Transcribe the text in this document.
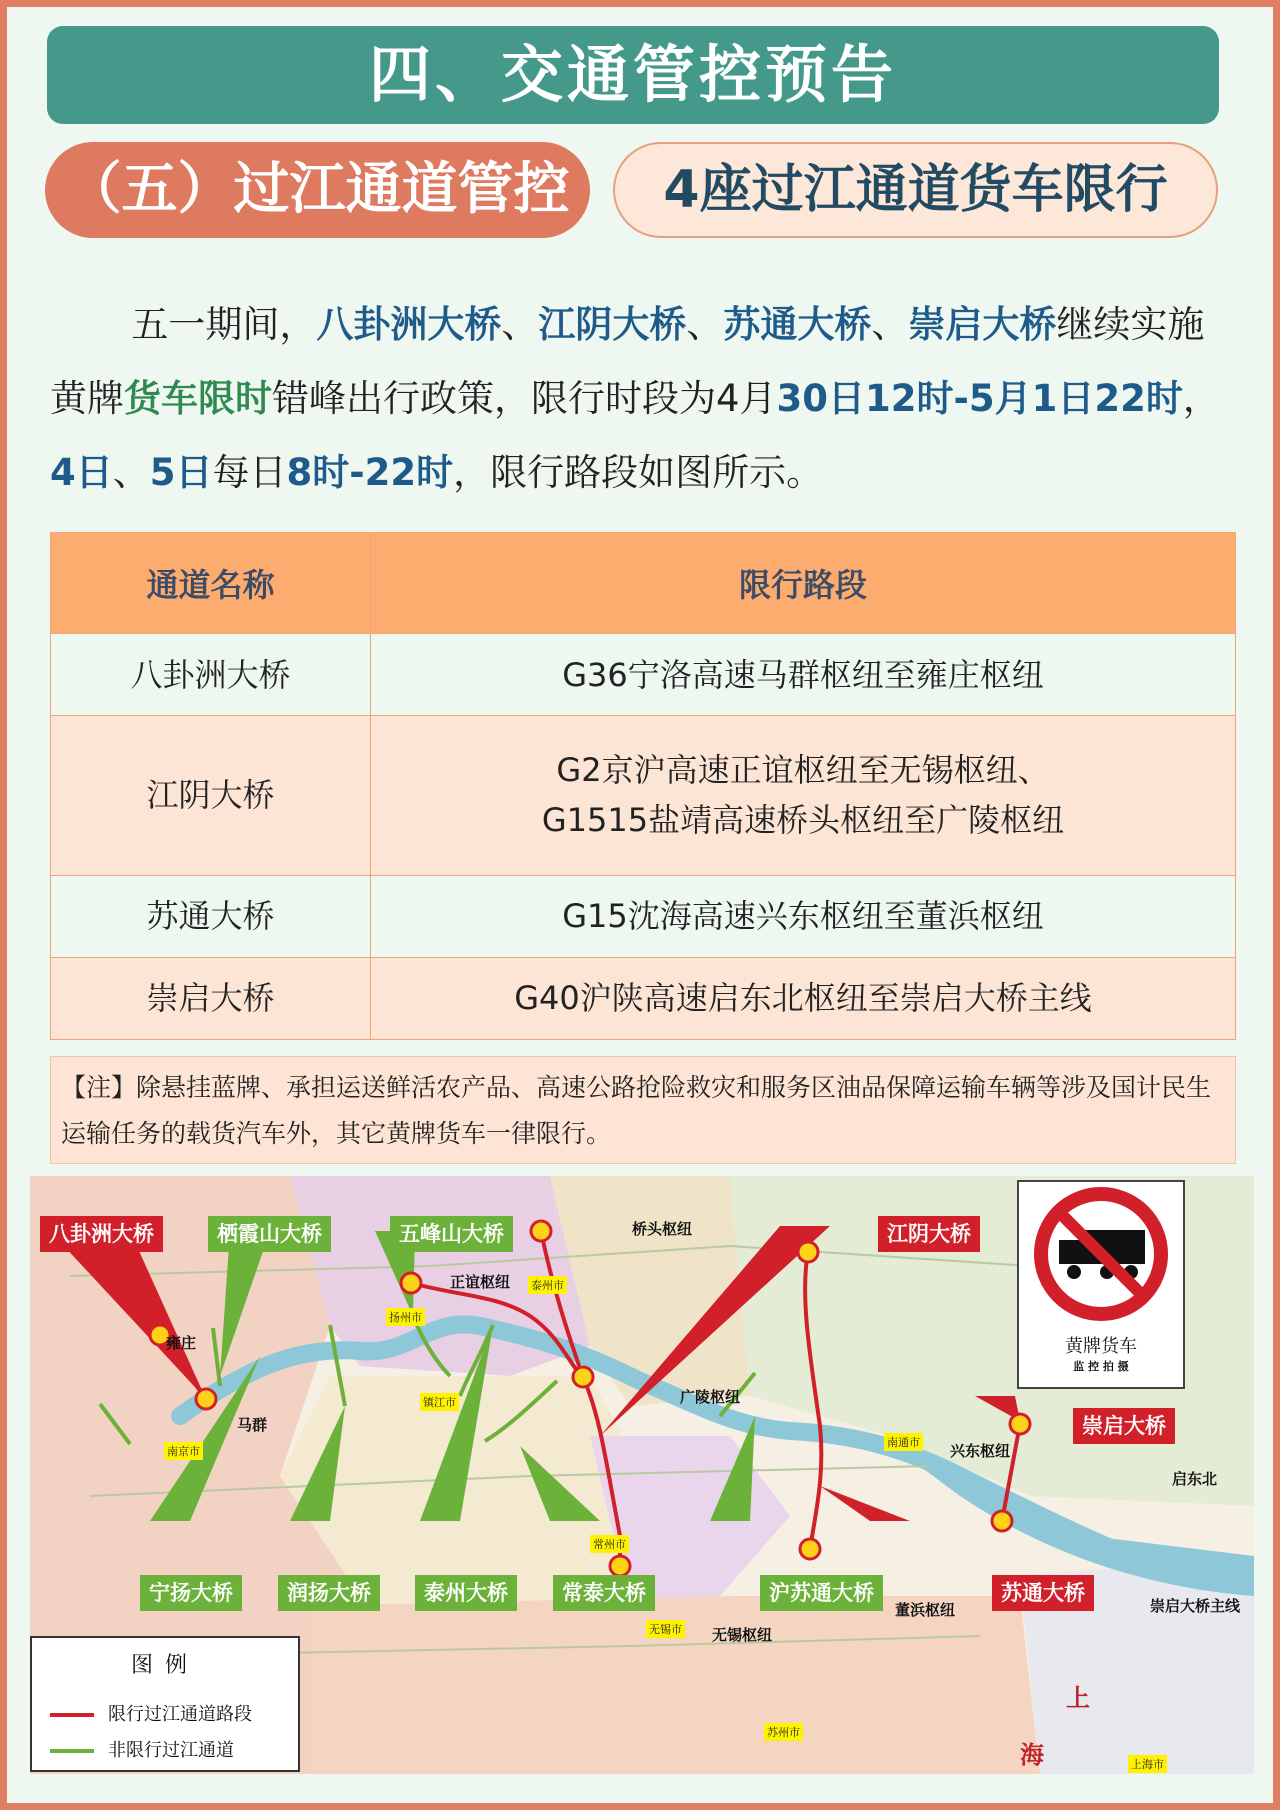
四、交通管控预告
（五）过江通道管控	4座过江通道货车限行
五一期间，八卦洲大桥、江阴大桥、苏通大桥、崇启大桥继续实施黄牌货车限时错峰出行政策，限行时段为4月30日12时-5月1日22时，4日、5日每日8时-22时，限行路段如图所示。
通道名称	限行路段
八卦洲大桥	G36宁洛高速马群枢纽至雍庄枢纽

江阴大桥	G2京沪高速正谊枢纽至无锡枢纽、
G1515盐靖高速桥头枢纽至广陵枢纽

苏通大桥	G15沈海高速兴东枢纽至董浜枢纽

崇启大桥	G40沪陕高速启东北枢纽至崇启大桥主线
【注】除悬挂蓝牌、承担运送鲜活农产品、高速公路抢险救灾和服务区油品保障运输车辆等涉及国计民生运输任务的载货汽车外，其它黄牌货车一律限行。
八卦洲大桥	栖霞山大桥	五峰山大桥	江阴大桥
崇启大桥
宁扬大桥	润扬大桥	泰州大桥	常泰大桥	沪苏通大桥	苏通大桥
雍庄
马群
正谊枢纽
桥头枢纽
广陵枢纽
无锡枢纽
兴东枢纽
董浜枢纽
启东北
崇启大桥主线
南京市
扬州市
泰州市
镇江市
常州市
无锡市
南通市
苏州市
上海市
上
海
黄牌货车
监 控 拍 摄
图例
限行过江通道路段
非限行过江通道
